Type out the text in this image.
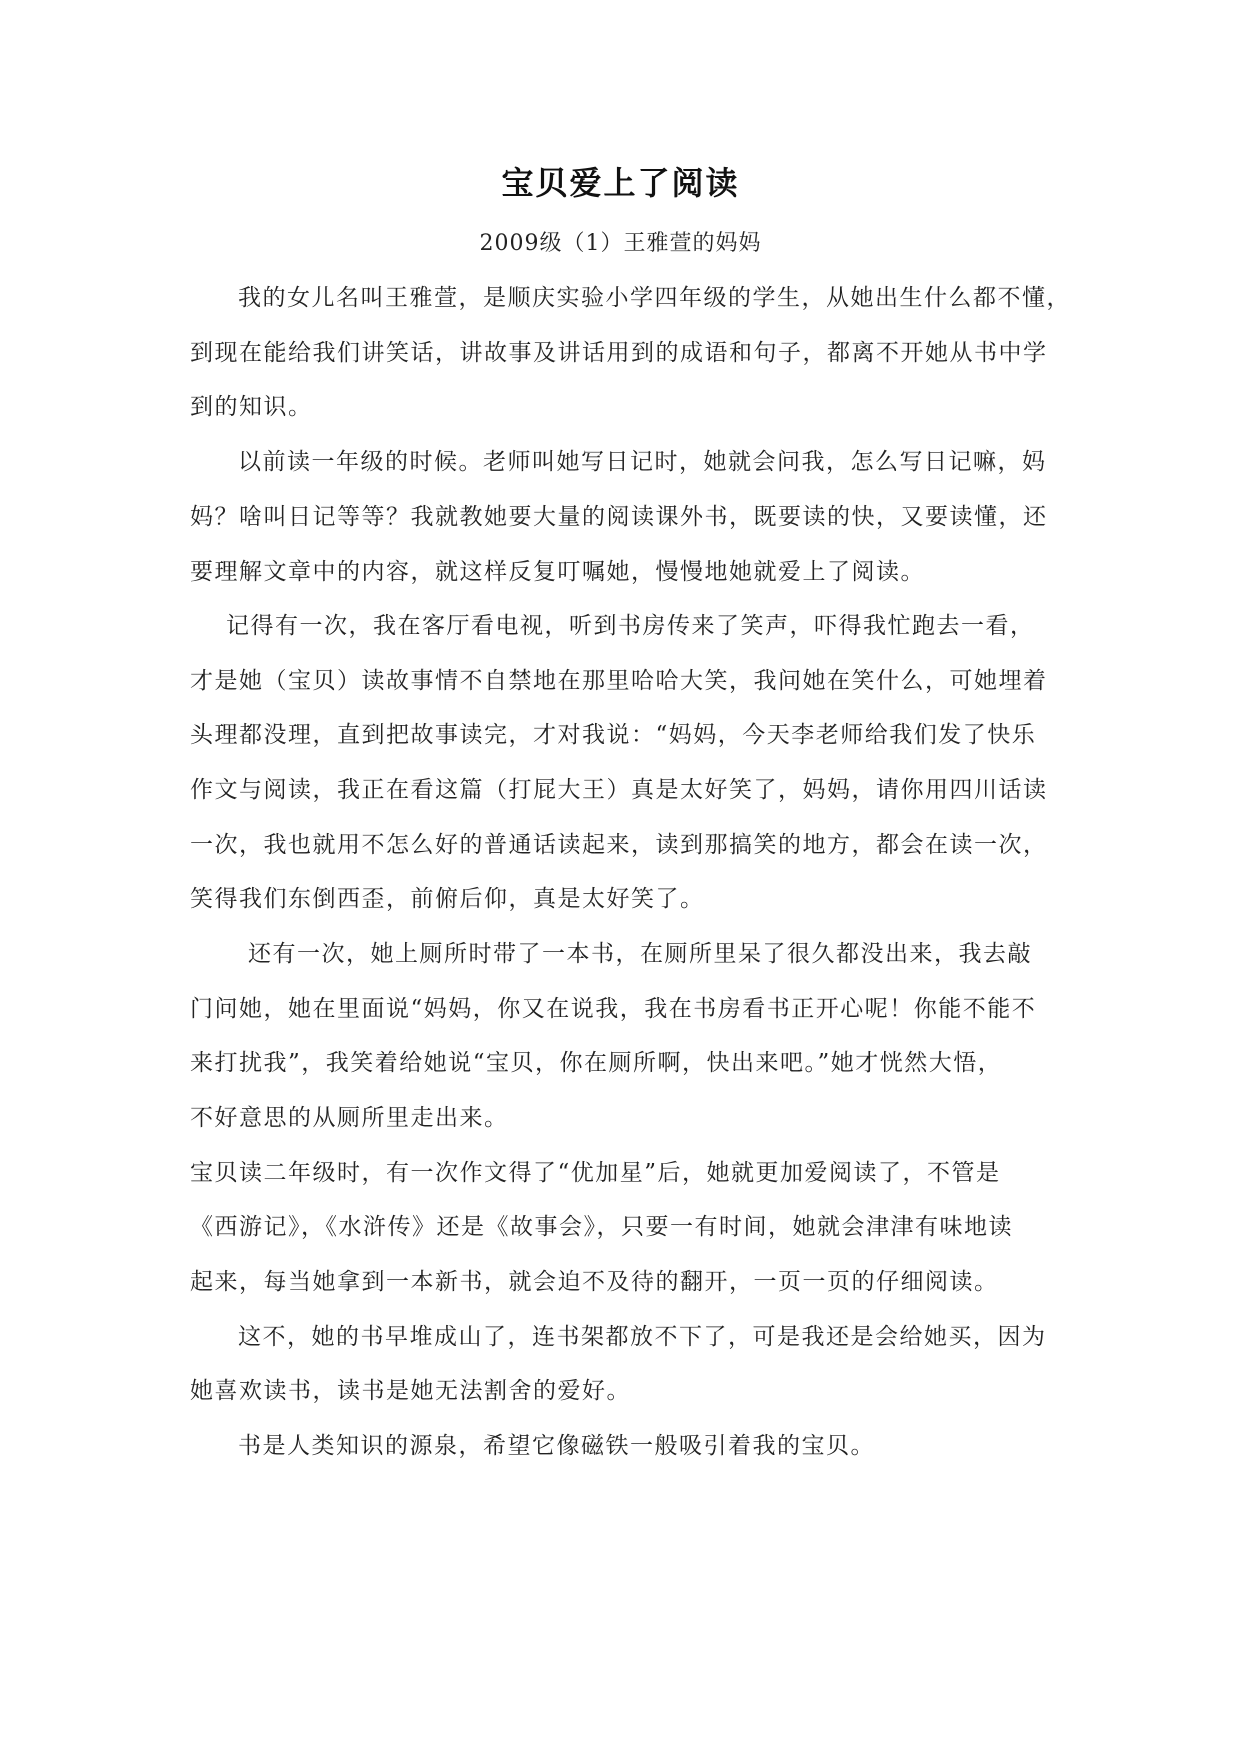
宝贝爱上了阅读
2009级（1）王雅萱的妈妈
我的女儿名叫王雅萱，是顺庆实验小学四年级的学生，从她出生什么都不懂，
到现在能给我们讲笑话，讲故事及讲话用到的成语和句子，都离不开她从书中学
到的知识。
以前读一年级的时候。老师叫她写日记时，她就会问我，怎么写日记嘛，妈
妈？啥叫日记等等？我就教她要大量的阅读课外书，既要读的快，又要读懂，还
要理解文章中的内容，就这样反复叮嘱她，慢慢地她就爱上了阅读。
记得有一次，我在客厅看电视，听到书房传来了笑声，吓得我忙跑去一看，
才是她（宝贝）读故事情不自禁地在那里哈哈大笑，我问她在笑什么，可她埋着
头理都没理，直到把故事读完，才对我说：“妈妈，今天李老师给我们发了快乐
作文与阅读，我正在看这篇（打屁大王）真是太好笑了，妈妈，请你用四川话读
一次，我也就用不怎么好的普通话读起来，读到那搞笑的地方，都会在读一次，
笑得我们东倒西歪，前俯后仰，真是太好笑了。
还有一次，她上厕所时带了一本书，在厕所里呆了很久都没出来，我去敲
门问她，她在里面说“妈妈，你又在说我，我在书房看书正开心呢！你能不能不
来打扰我”，我笑着给她说“宝贝，你在厕所啊，快出来吧。”她才恍然大悟，
不好意思的从厕所里走出来。
宝贝读二年级时，有一次作文得了“优加星”后，她就更加爱阅读了，不管是
《西游记》，《水浒传》还是《故事会》，只要一有时间，她就会津津有味地读
起来，每当她拿到一本新书，就会迫不及待的翻开，一页一页的仔细阅读。
这不，她的书早堆成山了，连书架都放不下了，可是我还是会给她买，因为
她喜欢读书，读书是她无法割舍的爱好。
书是人类知识的源泉，希望它像磁铁一般吸引着我的宝贝。
